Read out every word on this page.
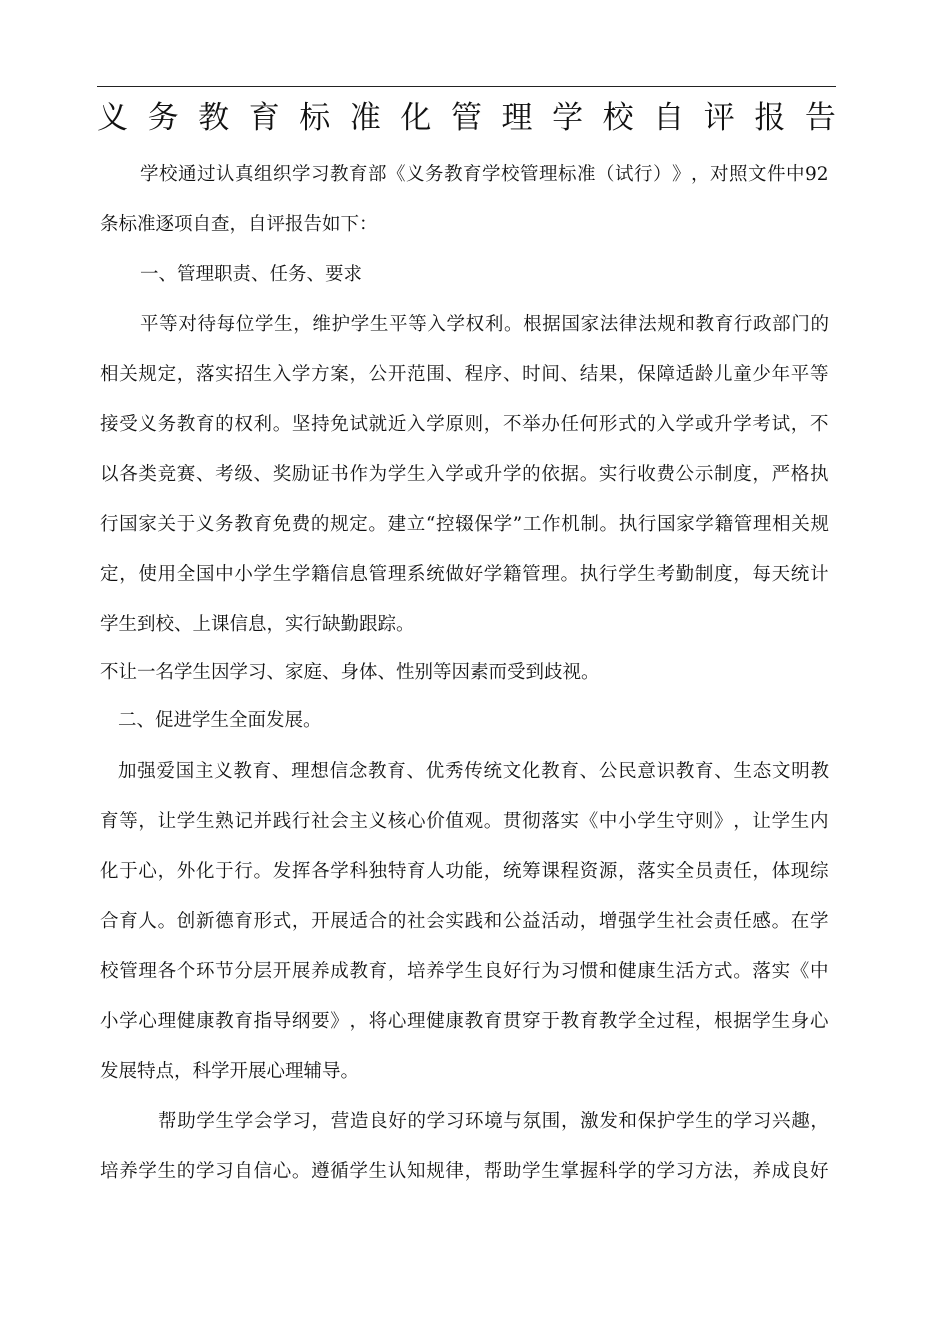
义 务 教 育 标 准 化 管 理 学 校 自 评 报 告
学 校 通 过 认 真 组 织 学 习 教 育 部 《 义 务 教 育 学 校 管 理 标 准 （ 试 行 ） 》 ， 对 照 文 件 中 92
条标准逐项自查，自评报告如下：
一、管理职责、任务、要求
平 等 对 待 每 位 学 生 ， 维 护 学 生 平 等 入 学 权 利 。 根 据 国 家 法 律 法 规 和 教 育 行 政 部 门 的
相 关 规 定 ， 落 实 招 生 入 学 方 案 ， 公 开 范 围 、 程 序 、 时 间 、 结 果 ， 保 障 适 龄 儿 童 少 年 平 等
接 受 义 务 教 育 的 权 利 。 坚 持 免 试 就 近 入 学 原 则 ， 不 举 办 任 何 形 式 的 入 学 或 升 学 考 试 ， 不
以 各 类 竞 赛 、 考 级 、 奖 励 证 书 作 为 学 生 入 学 或 升 学 的 依 据 。 实 行 收 费 公 示 制 度 ， 严 格 执
行 国 家 关 于 义 务 教 育 免 费 的 规 定 。 建 立 “ 控 辍 保 学 ” 工 作 机 制 。 执 行 国 家 学 籍 管 理 相 关 规
定 ， 使 用 全 国 中 小 学 生 学 籍 信 息 管 理 系 统 做 好 学 籍 管 理 。 执 行 学 生 考 勤 制 度 ， 每 天 统 计
学生到校、上课信息，实行缺勤跟踪。
不让一名学生因学习、家庭、身体、性别等因素而受到歧视。
二、促进学生全面发展。
加 强 爱 国 主 义 教 育 、 理 想 信 念 教 育 、 优 秀 传 统 文 化 教 育 、 公 民 意 识 教 育 、 生 态 文 明 教
育 等 ， 让 学 生 熟 记 并 践 行 社 会 主 义 核 心 价 值 观 。 贯 彻 落 实 《 中 小 学 生 守 则 》 ， 让 学 生 内
化 于 心 ， 外 化 于 行 。 发 挥 各 学 科 独 特 育 人 功 能 ， 统 筹 课 程 资 源 ， 落 实 全 员 责 任 ， 体 现 综
合 育 人 。 创 新 德 育 形 式 ， 开 展 适 合 的 社 会 实 践 和 公 益 活 动 ， 增 强 学 生 社 会 责 任 感 。 在 学
校 管 理 各 个 环 节 分 层 开 展 养 成 教 育 ， 培 养 学 生 良 好 行 为 习 惯 和 健 康 生 活 方 式 。 落 实 《 中
小 学 心 理 健 康 教 育 指 导 纲 要 》 ， 将 心 理 健 康 教 育 贯 穿 于 教 育 教 学 全 过 程 ， 根 据 学 生 身 心
发展特点，科学开展心理辅导。
帮 助 学 生 学 会 学 习 ， 营 造 良 好 的 学 习 环 境 与 氛 围 ， 激 发 和 保 护 学 生 的 学 习 兴 趣 ，
培 养 学 生 的 学 习 自 信 心 。 遵 循 学 生 认 知 规 律 ， 帮 助 学 生 掌 握 科 学 的 学 习 方 法 ， 养 成 良 好
